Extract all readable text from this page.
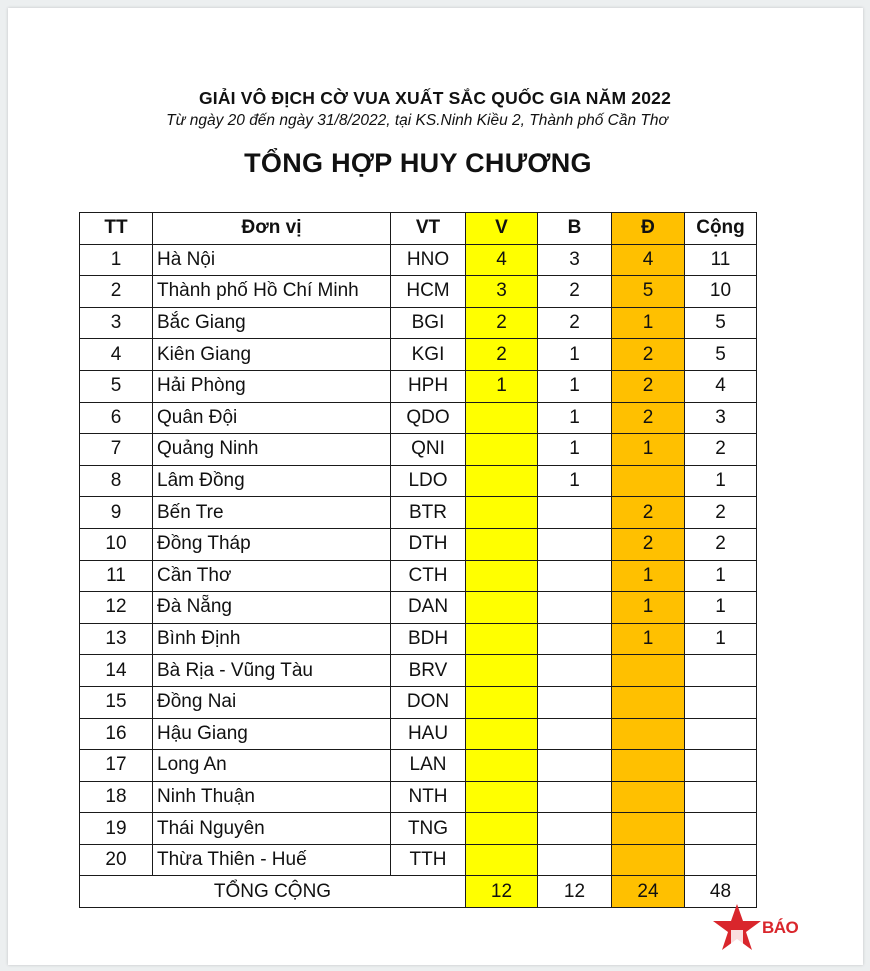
GIẢI VÔ ĐỊCH CỜ VUA XUẤT SẮC QUỐC GIA NĂM 2022
Từ ngày 20 đến ngày 31/8/2022, tại KS.Ninh Kiều 2, Thành phố Cần Thơ
TỔNG HỢP HUY CHƯƠNG
TT	Đơn vị	VT	V	B	Đ	Cộng
1	Hà Nội	HNO	4	3	4	11
2	Thành phố Hồ Chí Minh	HCM	3	2	5	10
3	Bắc Giang	BGI	2	2	1	5
4	Kiên Giang	KGI	2	1	2	5
5	Hải Phòng	HPH	1	1	2	4
6	Quân Đội	QDO		1	2	3
7	Quảng Ninh	QNI		1	1	2
8	Lâm Đồng	LDO		1		1
9	Bến Tre	BTR			2	2
10	Đồng Tháp	DTH			2	2
11	Cần Thơ	CTH			1	1
12	Đà Nẵng	DAN			1	1
13	Bình Định	BDH			1	1
14	Bà Rịa - Vũng Tàu	BRV				
15	Đồng Nai	DON				
16	Hậu Giang	HAU				
17	Long An	LAN				
18	Ninh Thuận	NTH				
19	Thái Nguyên	TNG				
20	Thừa Thiên - Huế	TTH				
TỔNG CỘNG			12	12	24	48
BÁO
